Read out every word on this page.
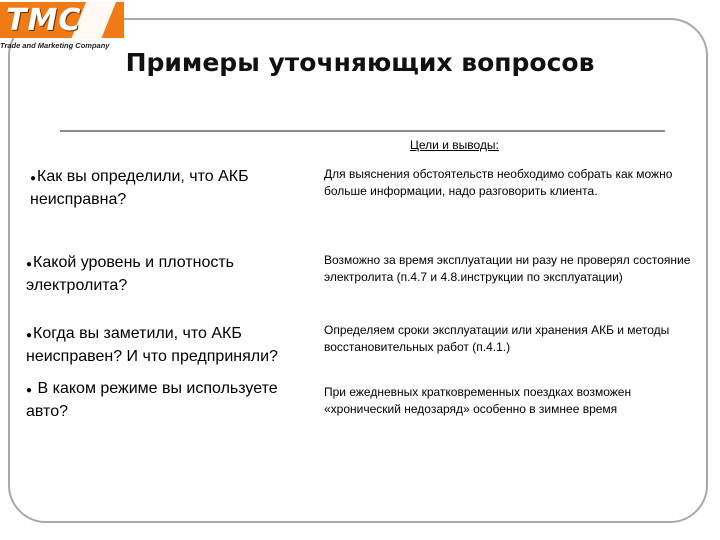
TMC
Trade and Marketing Company
Примеры уточняющих вопросов
Цели и выводы:
●Как вы определили, что АКБ неисправна?
Для выяснения обстоятельств необходимо собрать как можно больше информации, надо разговорить клиента.
●Какой уровень и плотность электролита?
Возможно за время эксплуатации ни разу не проверял состояние электролита (п.4.7 и 4.8.инструкции по эксплуатации)
●Когда вы заметили, что АКБ неисправен? И что предприняли?
Определяем сроки эксплуатации или хранения АКБ и методы восстановительных работ (п.4.1.)
● В каком режиме вы используете авто?
При ежедневных кратковременных поездках возможен «хронический недозаряд» особенно в зимнее время
